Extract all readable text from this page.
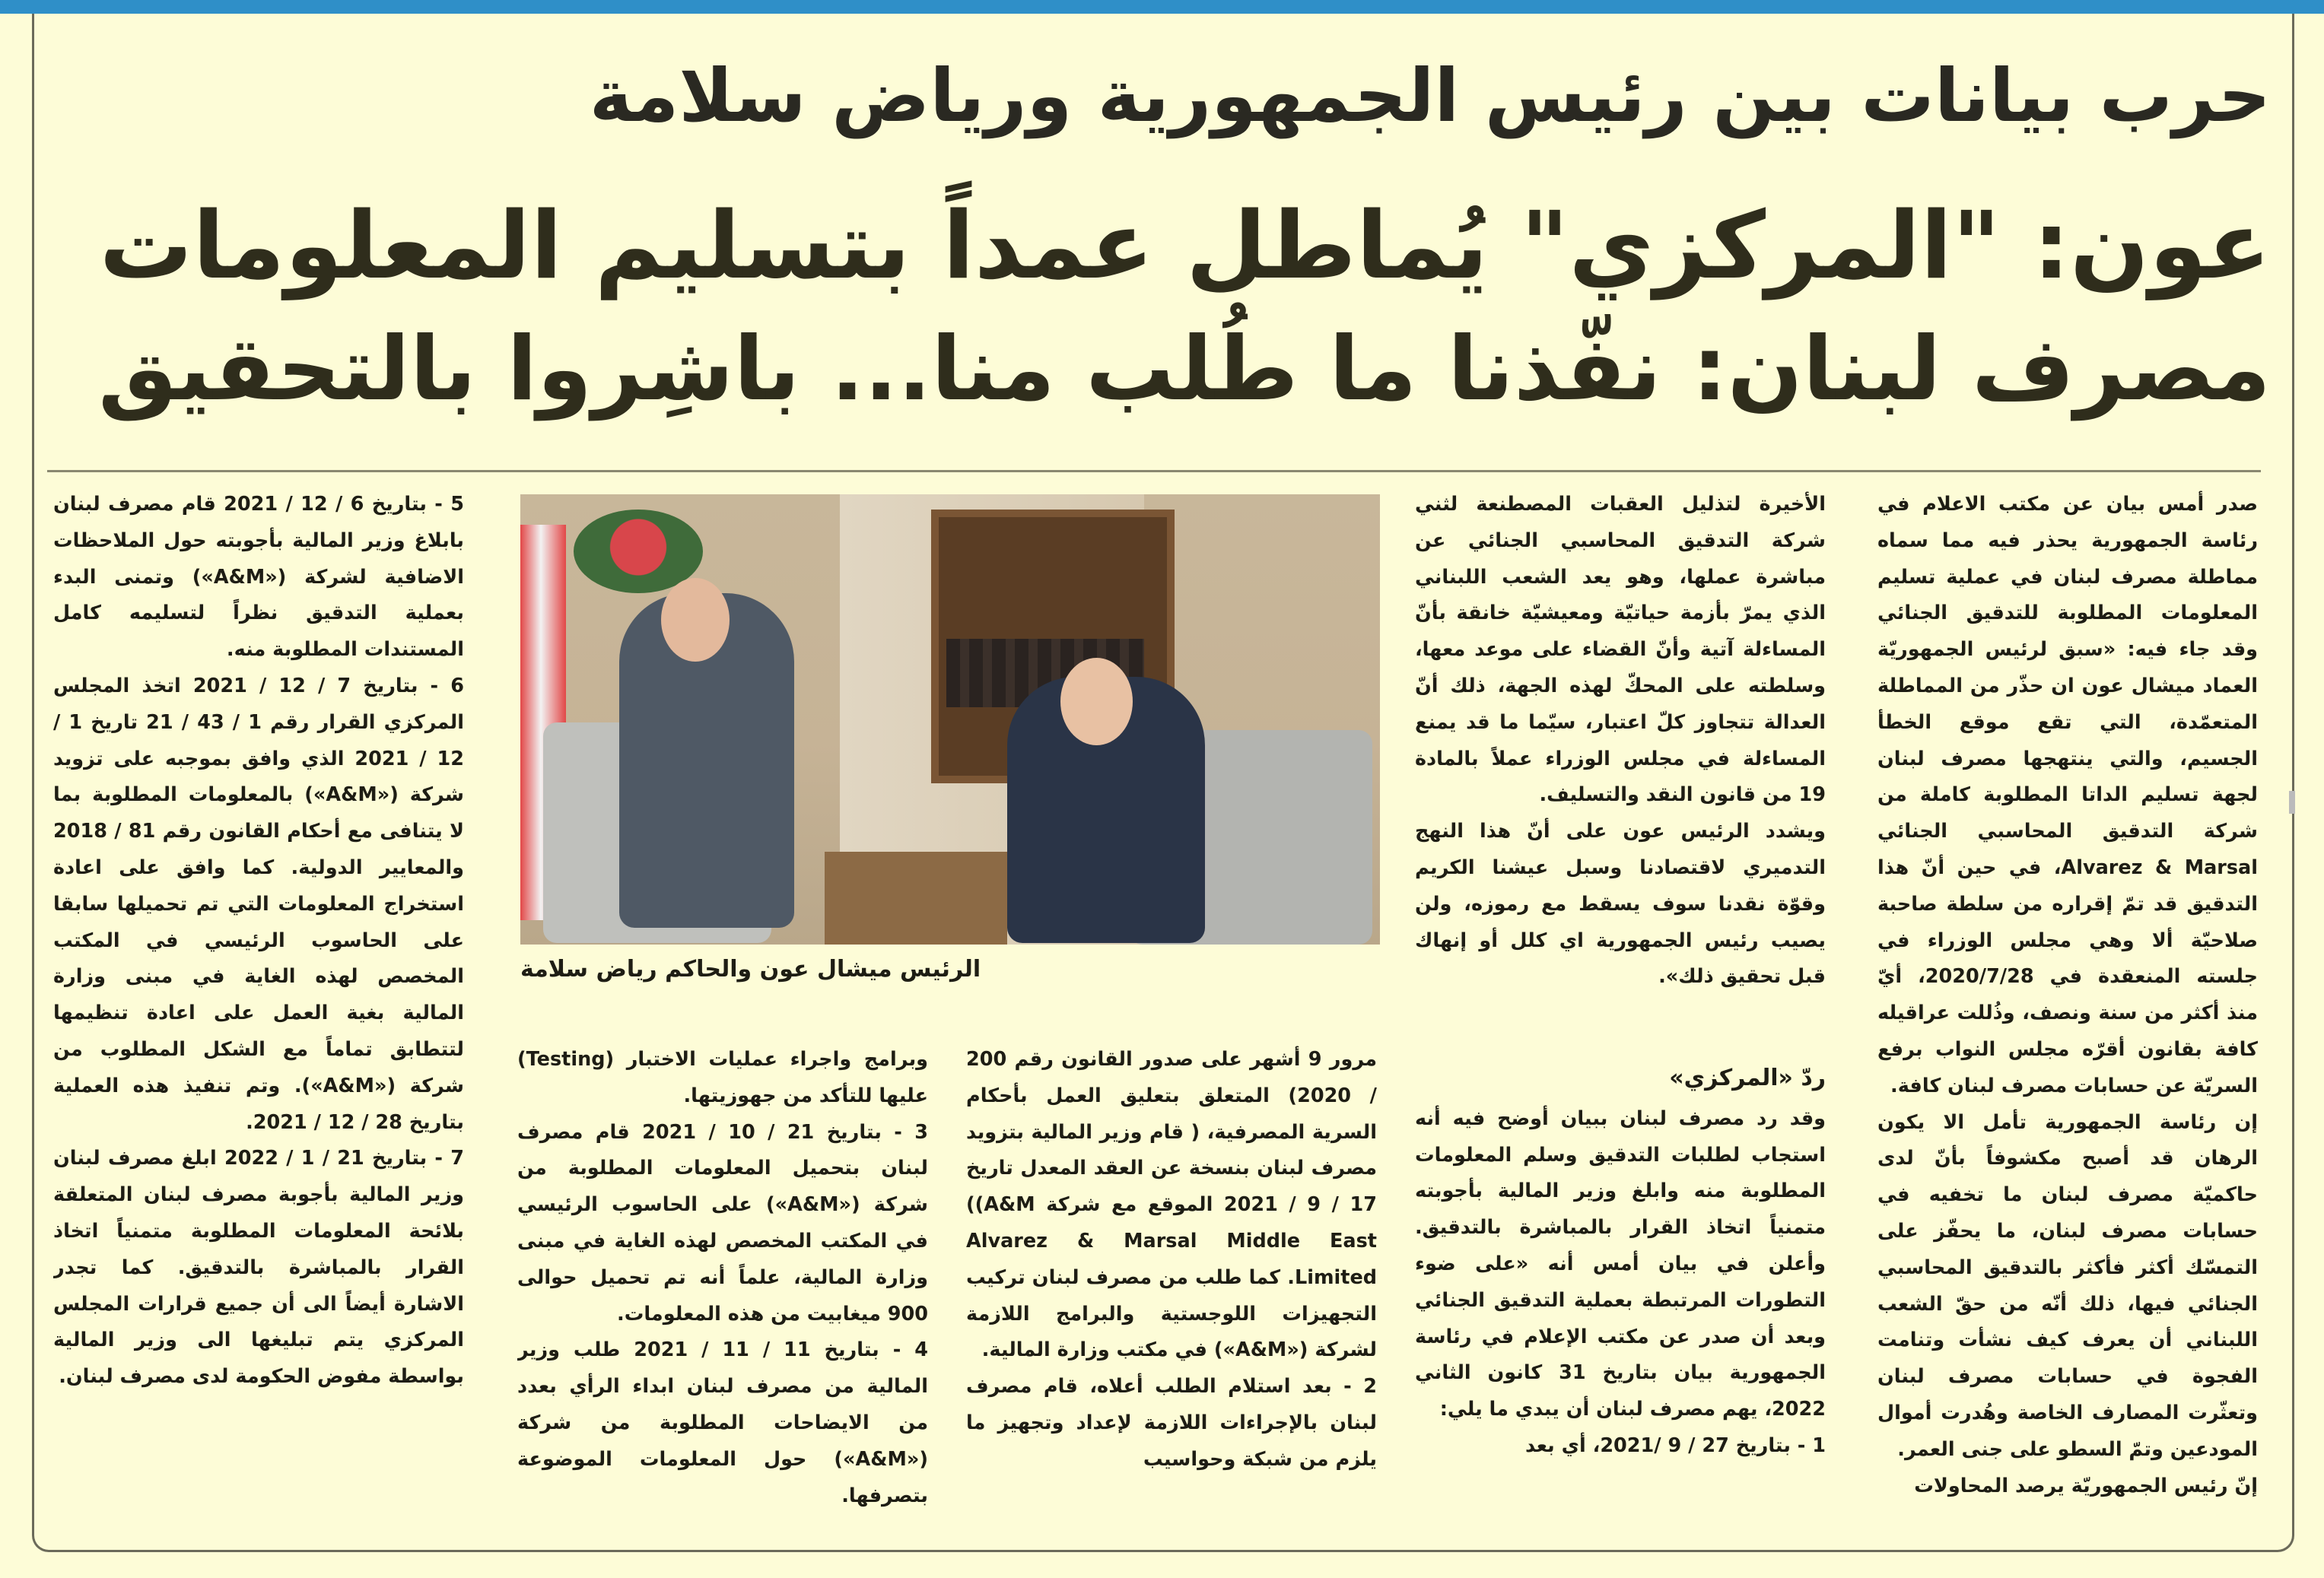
حرب بيانات بين رئيس الجمهورية ورياض سلامة
عون: "المركزي" يُماطل عمداً بتسليم المعلومات
مصرف لبنان: نفّذنا ما طُلب منا... باشِروا بالتحقيق

صدر أمس بيان عن مكتب الاعلام في رئاسة الجمهورية يحذر فيه مما سماه مماطلة مصرف لبنان في عملية تسليم المعلومات المطلوبة للتدقيق الجنائي وقد جاء فيه: «سبق لرئيس الجمهوريّة العماد ميشال عون ان حذّر من المماطلة المتعمّدة، التي تقع موقع الخطأ الجسيم، والتي ينتهجها مصرف لبنان لجهة تسليم الداتا المطلوبة كاملة من شركة التدقيق المحاسبي الجنائي Alvarez & Marsal، في حين أنّ هذا التدقيق قد تمّ إقراره من سلطة صاحبة صلاحيّة ألا وهي مجلس الوزراء في جلسته المنعقدة في 2020/7/28، أيّ منذ أكثر من سنة ونصف، وذُللت عراقيله كافة بقانون أقرّه مجلس النواب برفع السريّة عن حسابات مصرف لبنان كافة.

إن رئاسة الجمهورية تأمل الا يكون الرهان قد أصبح مكشوفاً بأنّ لدى حاكميّة مصرف لبنان ما تخفيه في حسابات مصرف لبنان، ما يحفّز على التمسّك أكثر فأكثر بالتدقيق المحاسبي الجنائي فيها، ذلك أنّه من حقّ الشعب اللبناني أن يعرف كيف نشأت وتنامت الفجوة في حسابات مصرف لبنان وتعثّرت المصارف الخاصة وهُدرت أموال المودعين وتمّ السطو على جنى العمر.

إنّ رئيس الجمهوريّة يرصد المحاولات

الأخيرة لتذليل العقبات المصطنعة لثني شركة التدقيق المحاسبي الجنائي عن مباشرة عملها، وهو يعد الشعب اللبناني الذي يمرّ بأزمة حياتيّة ومعيشيّة خانقة بأنّ المساءلة آتية وأنّ القضاء على موعد معها، وسلطته على المحكّ لهذه الجهة، ذلك أنّ العدالة تتجاوز كلّ اعتبار، سيّما ما قد يمنع المساءلة في مجلس الوزراء عملاً بالمادة 19 من قانون النقد والتسليف.

ويشدد الرئيس عون على أنّ هذا النهج التدميري لاقتصادنا وسبل عيشنا الكريم وقوّة نقدنا سوف يسقط مع رموزه، ولن يصيب رئيس الجمهورية اي كلل أو إنهاك قبل تحقيق ذلك».

ردّ «المركزي»

وقد رد مصرف لبنان ببيان أوضح فيه أنه استجاب لطلبات التدقيق وسلم المعلومات المطلوبة منه وابلغ وزير المالية بأجوبته متمنياً اتخاذ القرار بالمباشرة بالتدقيق. وأعلن في بيان أمس أنه «على ضوء التطورات المرتبطة بعملية التدقيق الجنائي وبعد أن صدر عن مكتب الإعلام في رئاسة الجمهورية بيان بتاريخ 31 كانون الثاني 2022، يهم مصرف لبنان أن يبدي ما يلي:

1 - بتاريخ 27 / 9 /2021، أي بعد

الرئيس ميشال عون والحاكم رياض سلامة

مرور 9 أشهر على صدور القانون رقم 200 / 2020) المتعلق بتعليق العمل بأحكام السرية المصرفية، ( قام وزير المالية بتزويد مصرف لبنان بنسخة عن العقد المعدل تاريخ 17 / 9 / 2021 الموقع مع شركة A&M)) Alvarez & Marsal Middle East Limited. كما طلب من مصرف لبنان تركيب التجهيزات اللوجستية والبرامج اللازمة لشركة («A&M») في مكتب وزارة المالية.

2 - بعد استلام الطلب أعلاه، قام مصرف لبنان بالإجراءات اللازمة لإعداد وتجهيز ما يلزم من شبكة وحواسيب

وبرامج واجراء عمليات الاختبار (Testing) عليها للتأكد من جهوزيتها.

3 - بتاريخ 21 / 10 / 2021 قام مصرف لبنان بتحميل المعلومات المطلوبة من شركة («A&M») على الحاسوب الرئيسي في المكتب المخصص لهذه الغاية في مبنى وزارة المالية، علماً أنه تم تحميل حوالى 900 ميغابيت من هذه المعلومات.

4 - بتاريخ 11 / 11 / 2021 طلب وزير المالية من مصرف لبنان ابداء الرأي بعدد من الايضاحات المطلوبة من شركة («A&M») حول المعلومات الموضوعة بتصرفها.

5 - بتاريخ 6 / 12 / 2021 قام مصرف لبنان بابلاغ وزير المالية بأجوبته حول الملاحظات الاضافية لشركة («A&M») وتمنى البدء بعملية التدقيق نظراً لتسليمه كامل المستندات المطلوبة منه.

6 - بتاريخ 7 / 12 / 2021 اتخذ المجلس المركزي القرار رقم 1 / 43 / 21 تاريخ 1 / 12 / 2021 الذي وافق بموجبه على تزويد شركة («A&M») بالمعلومات المطلوبة بما لا يتنافى مع أحكام القانون رقم 81 / 2018 والمعايير الدولية. كما وافق على اعادة استخراج المعلومات التي تم تحميلها سابقا على الحاسوب الرئيسي في المكتب المخصص لهذه الغاية في مبنى وزارة المالية بغية العمل على اعادة تنظيمها لتتطابق تماماً مع الشكل المطلوب من شركة («A&M»). وتم تنفيذ هذه العملية بتاريخ 28 / 12 / 2021.

7 - بتاريخ 21 / 1 / 2022 ابلغ مصرف لبنان وزير المالية بأجوبة مصرف لبنان المتعلقة بلائحة المعلومات المطلوبة متمنياً اتخاذ القرار بالمباشرة بالتدقيق. كما تجدر الاشارة أيضاً الى أن جميع قرارات المجلس المركزي يتم تبليغها الى وزير المالية بواسطة مفوض الحكومة لدى مصرف لبنان.
